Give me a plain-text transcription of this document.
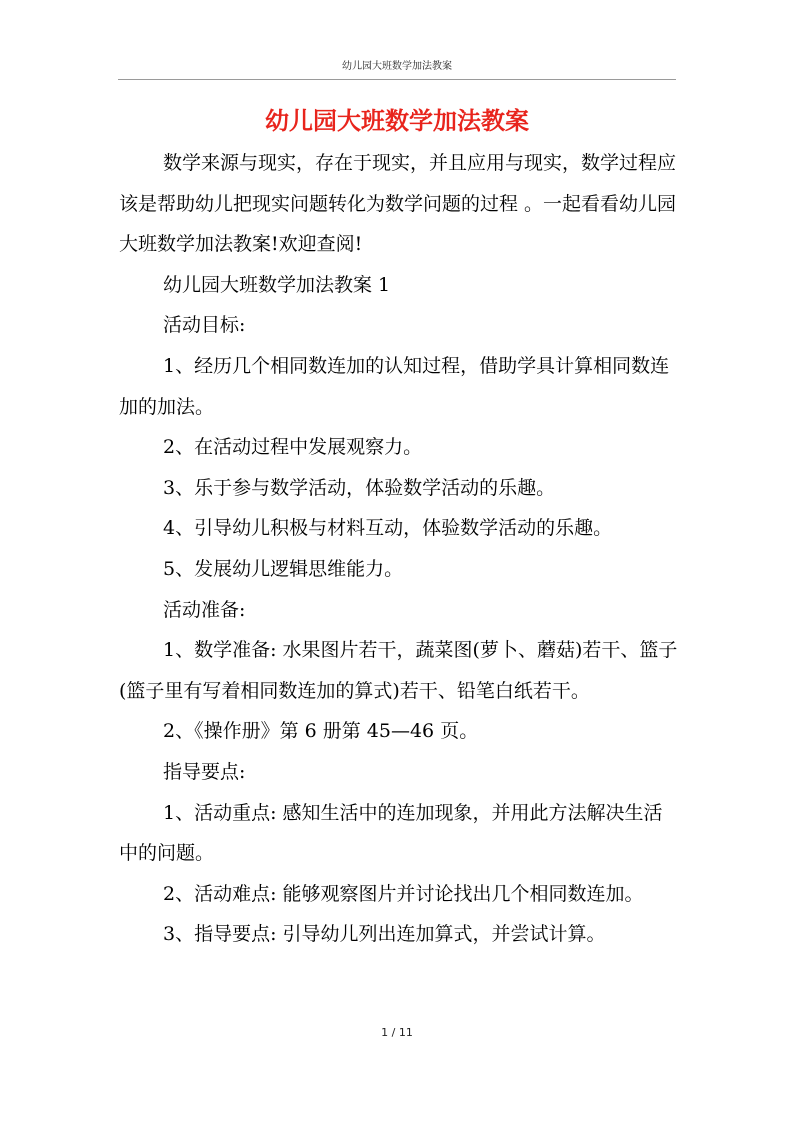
幼儿园大班数学加法教案
幼儿园大班数学加法教案

数学来源与现实，存在于现实，并且应用与现实，数学过程应该是帮助幼儿把现实问题转化为数学问题的过程 。一起看看幼儿园大班数学加法教案!欢迎查阅!

幼儿园大班数学加法教案 1

活动目标:

1、经历几个相同数连加的认知过程，借助学具计算相同数连加的加法。

2、在活动过程中发展观察力。

3、乐于参与数学活动，体验数学活动的乐趣。

4、引导幼儿积极与材料互动，体验数学活动的乐趣。

5、发展幼儿逻辑思维能力。

活动准备:

1、数学准备: 水果图片若干，蔬菜图(萝卜、蘑菇)若干、篮子(篮子里有写着相同数连加的算式)若干、铅笔白纸若干。

2、《操作册》第 6 册第 45—46 页。

指导要点:

1、活动重点: 感知生活中的连加现象，并用此方法解决生活中的问题。

2、活动难点: 能够观察图片并讨论找出几个相同数连加。

3、指导要点: 引导幼儿列出连加算式，并尝试计算。

1 / 11
